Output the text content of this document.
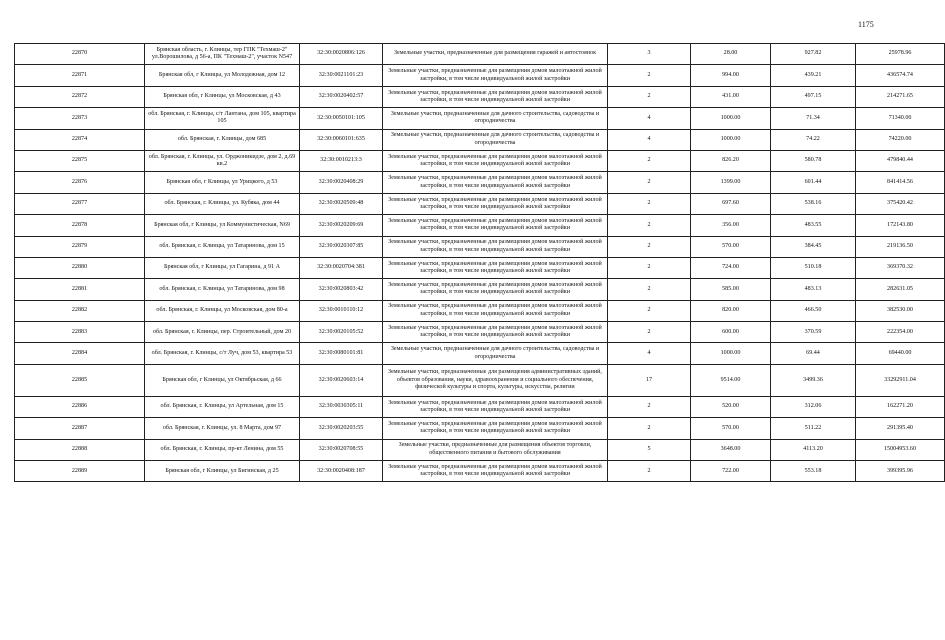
1175
22870	Брянская область, г. Клинцы, тер ГПК "Техмаш-2" ул.Ворошилова, д 56-а, ПК "Техмаш-2", участок N547	32:30:0020806:126	Земельные участки, предназначенные для размещения гаражей и автостоянок	3	28.00	927.82	25978.96
22871	Брянская обл, г Клинцы, ул Молодежная, дом 12	32:30:0021101:23	Земельные участки, предназначенные для размещения домов малоэтажной жилой застройки, в том числе индивидуальной жилой застройки	2	994.00	439.21	436574.74
22872	Брянская обл, г Клинцы, ул Московская, д 43	32:30:0020402:57	Земельные участки, предназначенные для размещения домов малоэтажной жилой застройки, в том числе индивидуальной жилой застройки	2	431.00	497.15	214271.65
22873	обл. Брянская, г. Клинцы, с/т Лантана, дом 105, квартира 105	32:30:0050101:105	Земельные участки, предназначенные для дачного строительства, садоводства и огородничества	4	1000.00	71.34	71340.00
22874	обл. Брянская, г. Клинцы, дом 685	32:30:0060101:635	Земельные участки, предназначенные для дачного строительства, садоводства и огородничества	4	1000.00	74.22	74220.00
22875	обл. Брянская, г. Клинцы, ул. Орджоникидзе, дом 2, д.69 кв.2	32:30:0010213:3	Земельные участки, предназначенные для размещения домов малоэтажной жилой застройки, в том числе индивидуальной жилой застройки	2	826.20	580.78	479840.44
22876	Брянская обл, г Клинцы, ул Урицкого, д 53	32:30:0020408:29	Земельные участки, предназначенные для размещения домов малоэтажной жилой застройки, в том числе индивидуальной жилой застройки	2	1399.00	601.44	841414.56
22877	обл. Брянская, г. Клинцы, ул. Кубяка, дом 44	32:30:0020509:48	Земельные участки, предназначенные для размещения домов малоэтажной жилой застройки, в том числе индивидуальной жилой застройки	2	697.60	538.16	375420.42
22878	Брянская обл, г Клинцы, ул Коммунистическая, N69	32:30:0020209:69	Земельные участки, предназначенные для размещения домов малоэтажной жилой застройки, в том числе индивидуальной жилой застройки	2	356.00	483.55	172143.80
22879	обл. Брянская, г. Клинцы, ул Татаринова, дом 15	32:30:0020307:85	Земельные участки, предназначенные для размещения домов малоэтажной жилой застройки, в том числе индивидуальной жилой застройки	2	570.00	384.45	219136.50
22880	Брянская обл, г Клинцы, ул Гагарина, д 91 А	32:30:0020704:381	Земельные участки, предназначенные для размещения домов малоэтажной жилой застройки, в том числе индивидуальной жилой застройки	2	724.00	510.18	369370.32
22881	обл. Брянская, г. Клинцы, ул Татаринова, дом 98	32:30:0020803:42	Земельные участки, предназначенные для размещения домов малоэтажной жилой застройки, в том числе индивидуальной жилой застройки	2	585.00	483.13	282631.05
22882	обл. Брянская, г. Клинцы, ул Московская, дом 80-а	32:30:0010110:12	Земельные участки, предназначенные для размещения домов малоэтажной жилой застройки, в том числе индивидуальной жилой застройки	2	820.00	466.50	382530.00
22883	обл. Брянская, г. Клинцы, пер. Строительный, дом 20	32:30:0020105:52	Земельные участки, предназначенные для размещения домов малоэтажной жилой застройки, в том числе индивидуальной жилой застройки	2	600.00	370.59	222354.00
22884	обл. Брянская, г. Клинцы, с/т Луч, дом 53, квартира 53	32:30:0080101:81	Земельные участки, предназначенные для дачного строительства, садоводства и огородничества	4	1000.00	69.44	69440.00
22885	Брянская обл, г Клинцы, ул Октябрьская, д 66	32:30:0020603:14	Земельные участки, предназначенные для размещения административных зданий, объектов образования, науки, здравоохранения и социального обеспечения, физической культуры и спорта, культуры, искусства, религии	17	9514.00	3499.36	33292911.04
22886	обл. Брянская, г. Клинцы, ул Артельная, дом 15	32:30:0030305:11	Земельные участки, предназначенные для размещения домов малоэтажной жилой застройки, в том числе индивидуальной жилой застройки	2	520.00	312.06	162271.20
22887	обл. Брянская, г. Клинцы, ул. 8 Марта, дом 97	32:30:0020203:55	Земельные участки, предназначенные для размещения домов малоэтажной жилой застройки, в том числе индивидуальной жилой застройки	2	570.00	511.22	291395.40
22888	обл. Брянская, г. Клинцы, пр-кт Ленина, дом 55	32:30:0020708:55	Земельные участки, предназначенные для размещения объектов торговли, общественного питания и бытового обслуживания	5	3648.00	4113.20	15004953.60
22889	Брянская обл, г Клинцы, ул Бигинская, д 25	32:30:0020408:187	Земельные участки, предназначенные для размещения домов малоэтажной жилой застройки, в том числе индивидуальной жилой застройки	2	722.00	553.18	399395.96
